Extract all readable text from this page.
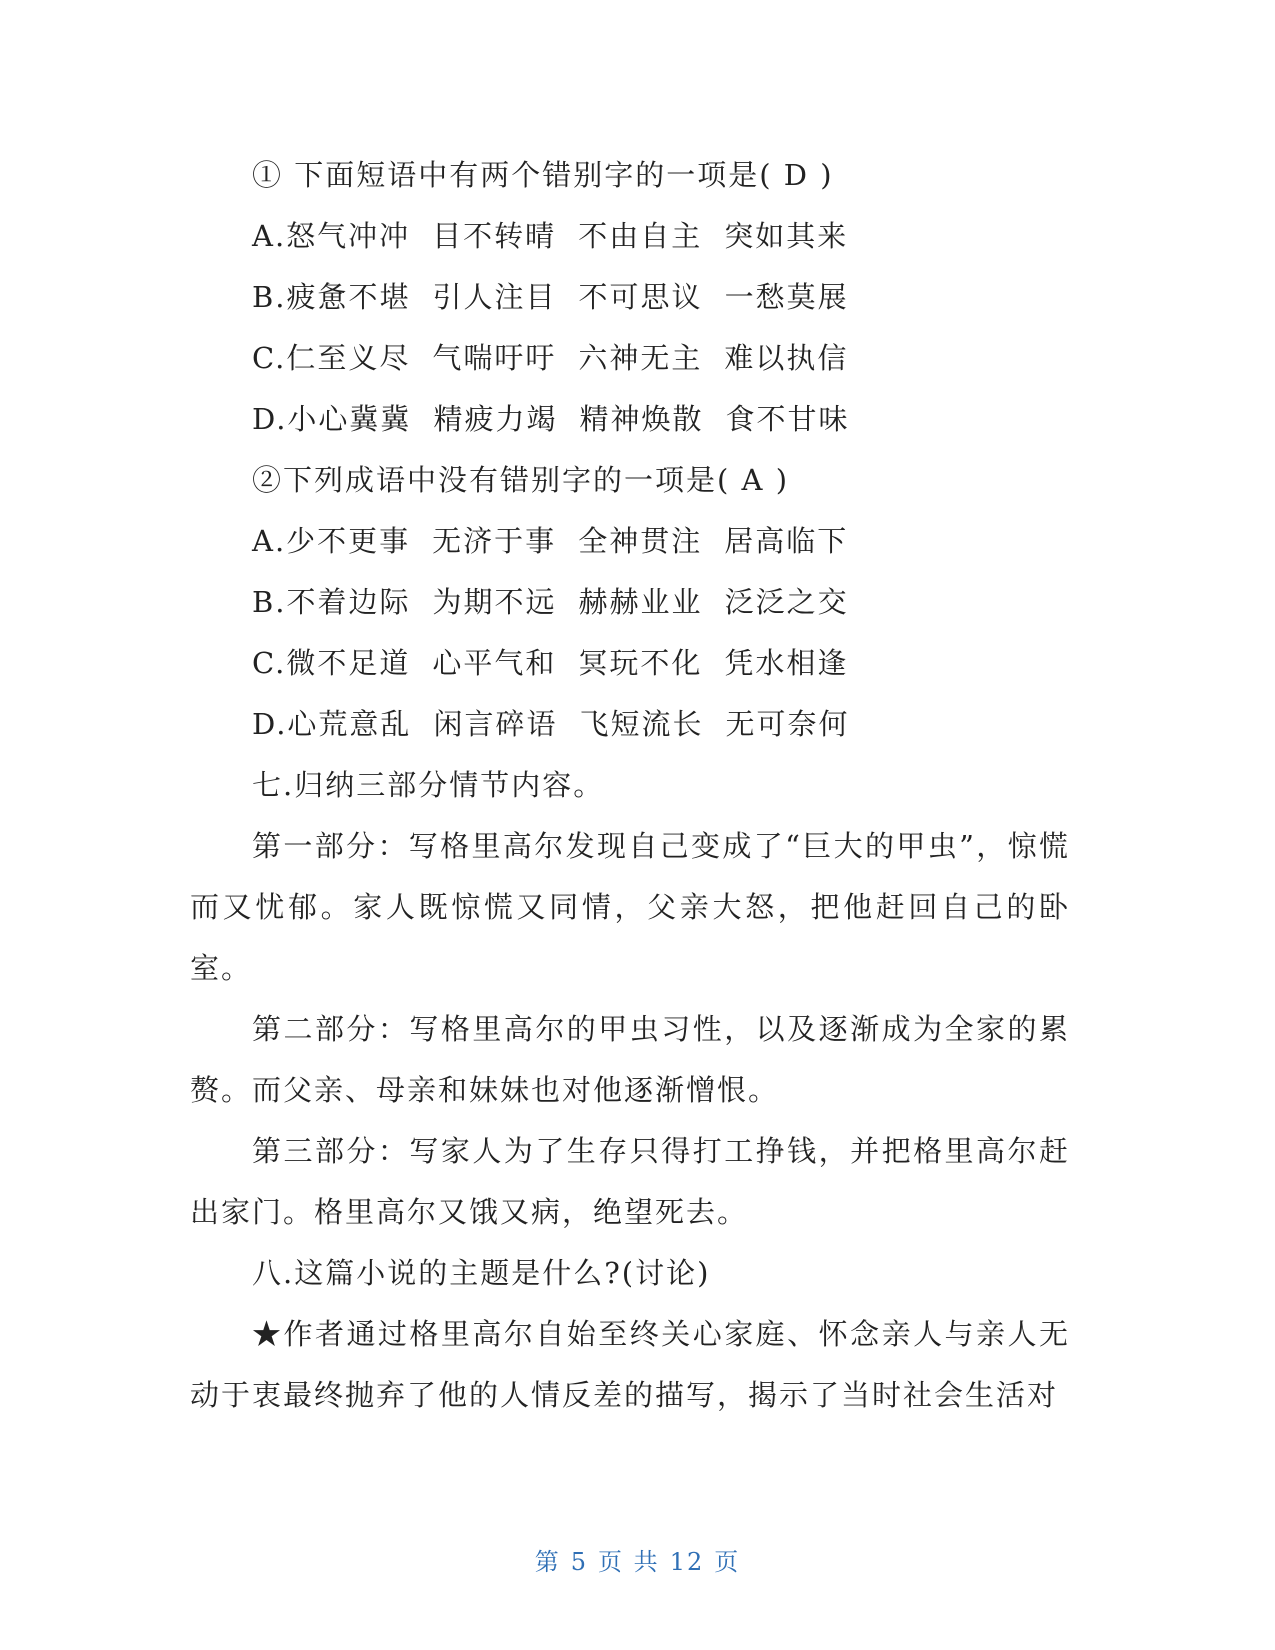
① 下面短语中有两个错别字的一项是( D )
A.怒气冲冲 目不转晴 不由自主 突如其来
B.疲惫不堪 引人注目 不可思议 一愁莫展
C.仁至义尽 气喘吁吁 六神无主 难以执信
D.小心冀冀 精疲力竭 精神焕散 食不甘味
②下列成语中没有错别字的一项是( A )
A.少不更事 无济于事 全神贯注 居高临下
B.不着边际 为期不远 赫赫业业 泛泛之交
C.微不足道 心平气和 冥玩不化 凭水相逢
D.心荒意乱 闲言碎语 飞短流长 无可奈何
七.归纳三部分情节内容。
第一部分：写格里高尔发现自己变成了“巨大的甲虫”，惊慌而又忧郁。家人既惊慌又同情，父亲大怒，把他赶回自己的卧室。
第二部分：写格里高尔的甲虫习性，以及逐渐成为全家的累赘。而父亲、母亲和妹妹也对他逐渐憎恨。
第三部分：写家人为了生存只得打工挣钱，并把格里高尔赶出家门。格里高尔又饿又病，绝望死去。
八.这篇小说的主题是什么?(讨论)
★作者通过格里高尔自始至终关心家庭、怀念亲人与亲人无动于衷最终抛弃了他的人情反差的描写，揭示了当时社会生活对
第 5 页 共 12 页
